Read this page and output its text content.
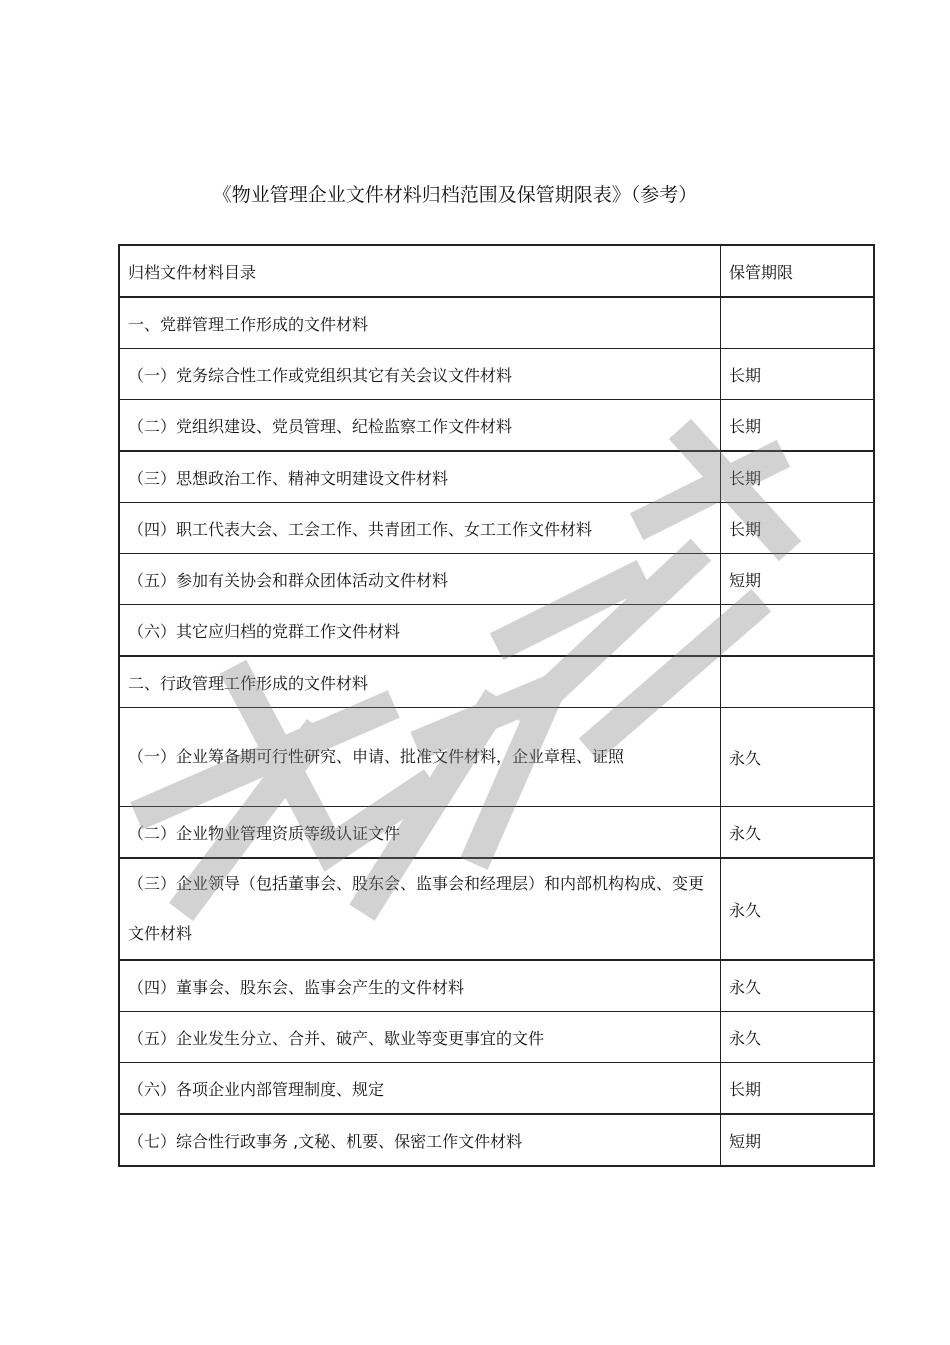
《物业管理企业文件材料归档范围及保管期限表》（参考）
归档文件材料目录	保管期限
一、党群管理工作形成的文件材料	
（一）党务综合性工作或党组织其它有关会议文件材料	长期
（二）党组织建设、党员管理、纪检监察工作文件材料	长期
（三）思想政治工作、精神文明建设文件材料	长期
（四）职工代表大会、工会工作、共青团工作、女工工作文件材料	长期
（五）参加有关协会和群众团体活动文件材料	短期
（六）其它应归档的党群工作文件材料	
二、行政管理工作形成的文件材料	
（一）企业筹备期可行性研究、申请、批准文件材料，企业章程、证照	永久
（二）企业物业管理资质等级认证文件	永久
（三）企业领导（包括董事会、股东会、监事会和经理层）和内部机构构成、变更文件材料	永久
（四）董事会、股东会、监事会产生的文件材料	永久
（五）企业发生分立、合并、破产、歇业等变更事宜的文件	永久
（六）各项企业内部管理制度、规定	长期
（七）综合性行政事务 ,文秘、机要、保密工作文件材料	短期
